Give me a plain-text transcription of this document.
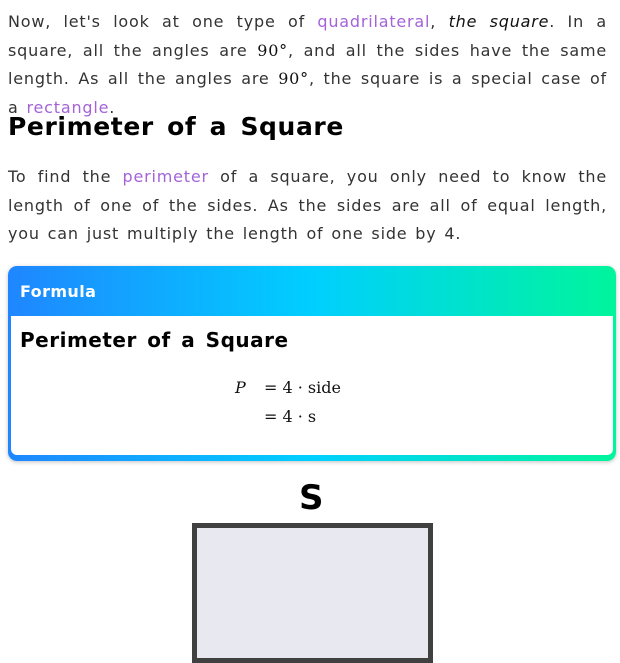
Now, let's look at one type of quadrilateral, the square. In a square, all the angles are 90°, and all the sides have the same length. As all the angles are 90°, the square is a special case of a rectangle.

Perimeter of a Square

To find the perimeter of a square, you only need to know the length of one of the sides. As the sides are all of equal length, you can just multiply the length of one side by 4.

Formula
Perimeter of a Square
P = 4 · side
= 4 · s
S
